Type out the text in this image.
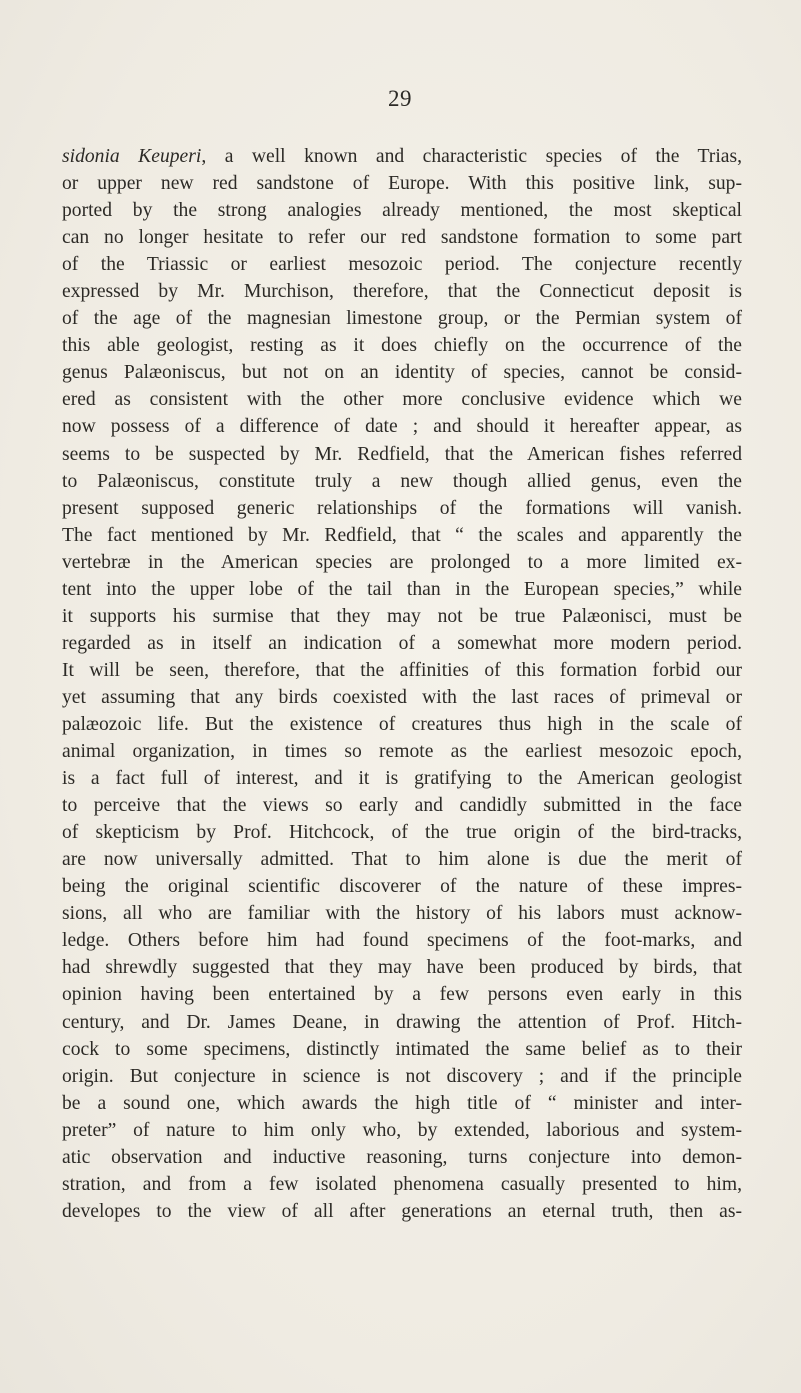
29
sidonia Keuperi, a well known and characteristic species of the Trias,
or upper new red sandstone of Europe. With this positive link, sup-
ported by the strong analogies already mentioned, the most skeptical
can no longer hesitate to refer our red sandstone formation to some part
of the Triassic or earliest mesozoic period. The conjecture recently
expressed by Mr. Murchison, therefore, that the Connecticut deposit is
of the age of the magnesian limestone group, or the Permian system of
this able geologist, resting as it does chiefly on the occurrence of the
genus Palæoniscus, but not on an identity of species, cannot be consid-
ered as consistent with the other more conclusive evidence which we
now possess of a difference of date ; and should it hereafter appear, as
seems to be suspected by Mr. Redfield, that the American fishes referred
to Palæoniscus, constitute truly a new though allied genus, even the
present supposed generic relationships of the formations will vanish.
The fact mentioned by Mr. Redfield, that “ the scales and apparently the
vertebræ in the American species are prolonged to a more limited ex-
tent into the upper lobe of the tail than in the European species,” while
it supports his surmise that they may not be true Palæonisci, must be
regarded as in itself an indication of a somewhat more modern period.
It will be seen, therefore, that the affinities of this formation forbid our
yet assuming that any birds coexisted with the last races of primeval or
palæozoic life. But the existence of creatures thus high in the scale of
animal organization, in times so remote as the earliest mesozoic epoch,
is a fact full of interest, and it is gratifying to the American geologist
to perceive that the views so early and candidly submitted in the face
of skepticism by Prof. Hitchcock, of the true origin of the bird-tracks,
are now universally admitted. That to him alone is due the merit of
being the original scientific discoverer of the nature of these impres-
sions, all who are familiar with the history of his labors must acknow-
ledge. Others before him had found specimens of the foot-marks, and
had shrewdly suggested that they may have been produced by birds, that
opinion having been entertained by a few persons even early in this
century, and Dr. James Deane, in drawing the attention of Prof. Hitch-
cock to some specimens, distinctly intimated the same belief as to their
origin. But conjecture in science is not discovery ; and if the principle
be a sound one, which awards the high title of “ minister and inter-
preter” of nature to him only who, by extended, laborious and system-
atic observation and inductive reasoning, turns conjecture into demon-
stration, and from a few isolated phenomena casually presented to him,
developes to the view of all after generations an eternal truth, then as-
